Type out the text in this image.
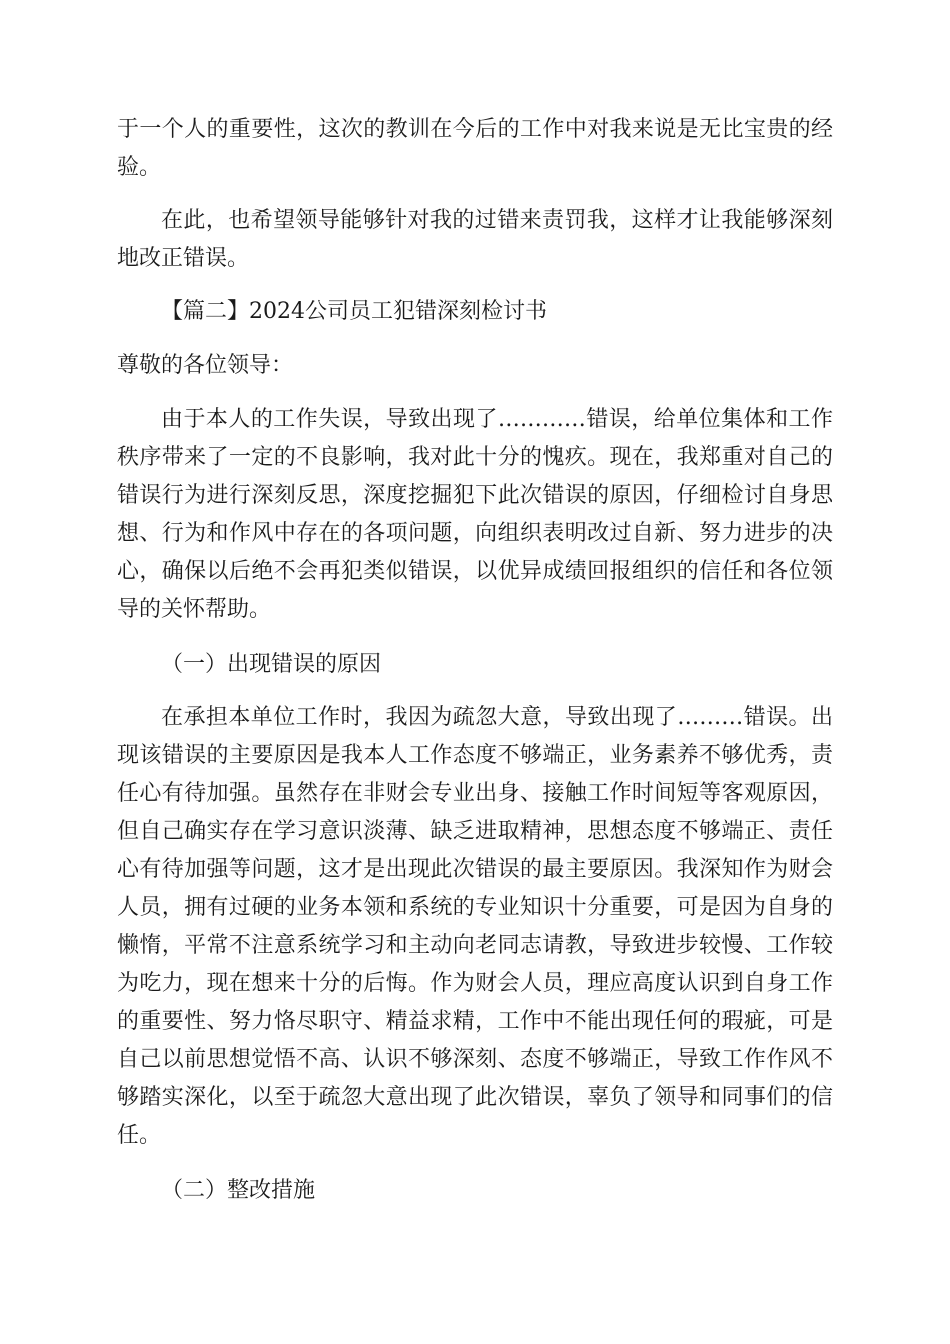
于一个人的重要性，这次的教训在今后的工作中对我来说是无比宝贵的经
验。
在此，也希望领导能够针对我的过错来责罚我，这样才让我能够深刻
地改正错误。
【篇二】2024公司员工犯错深刻检讨书
尊敬的各位领导：
由于本人的工作失误，导致出现了…………错误，给单位集体和工作
秩序带来了一定的不良影响，我对此十分的愧疚。现在，我郑重对自己的
错误行为进行深刻反思，深度挖掘犯下此次错误的原因，仔细检讨自身思
想、行为和作风中存在的各项问题，向组织表明改过自新、努力进步的决
心，确保以后绝不会再犯类似错误，以优异成绩回报组织的信任和各位领
导的关怀帮助。
（一）出现错误的原因
在承担本单位工作时，我因为疏忽大意，导致出现了………错误。出
现该错误的主要原因是我本人工作态度不够端正，业务素养不够优秀，责
任心有待加强。虽然存在非财会专业出身、接触工作时间短等客观原因，
但自己确实存在学习意识淡薄、缺乏进取精神，思想态度不够端正、责任
心有待加强等问题，这才是出现此次错误的最主要原因。我深知作为财会
人员，拥有过硬的业务本领和系统的专业知识十分重要，可是因为自身的
懒惰，平常不注意系统学习和主动向老同志请教，导致进步较慢、工作较
为吃力，现在想来十分的后悔。作为财会人员，理应高度认识到自身工作
的重要性、努力恪尽职守、精益求精，工作中不能出现任何的瑕疵，可是
自己以前思想觉悟不高、认识不够深刻、态度不够端正，导致工作作风不
够踏实深化，以至于疏忽大意出现了此次错误，辜负了领导和同事们的信
任。
（二）整改措施
